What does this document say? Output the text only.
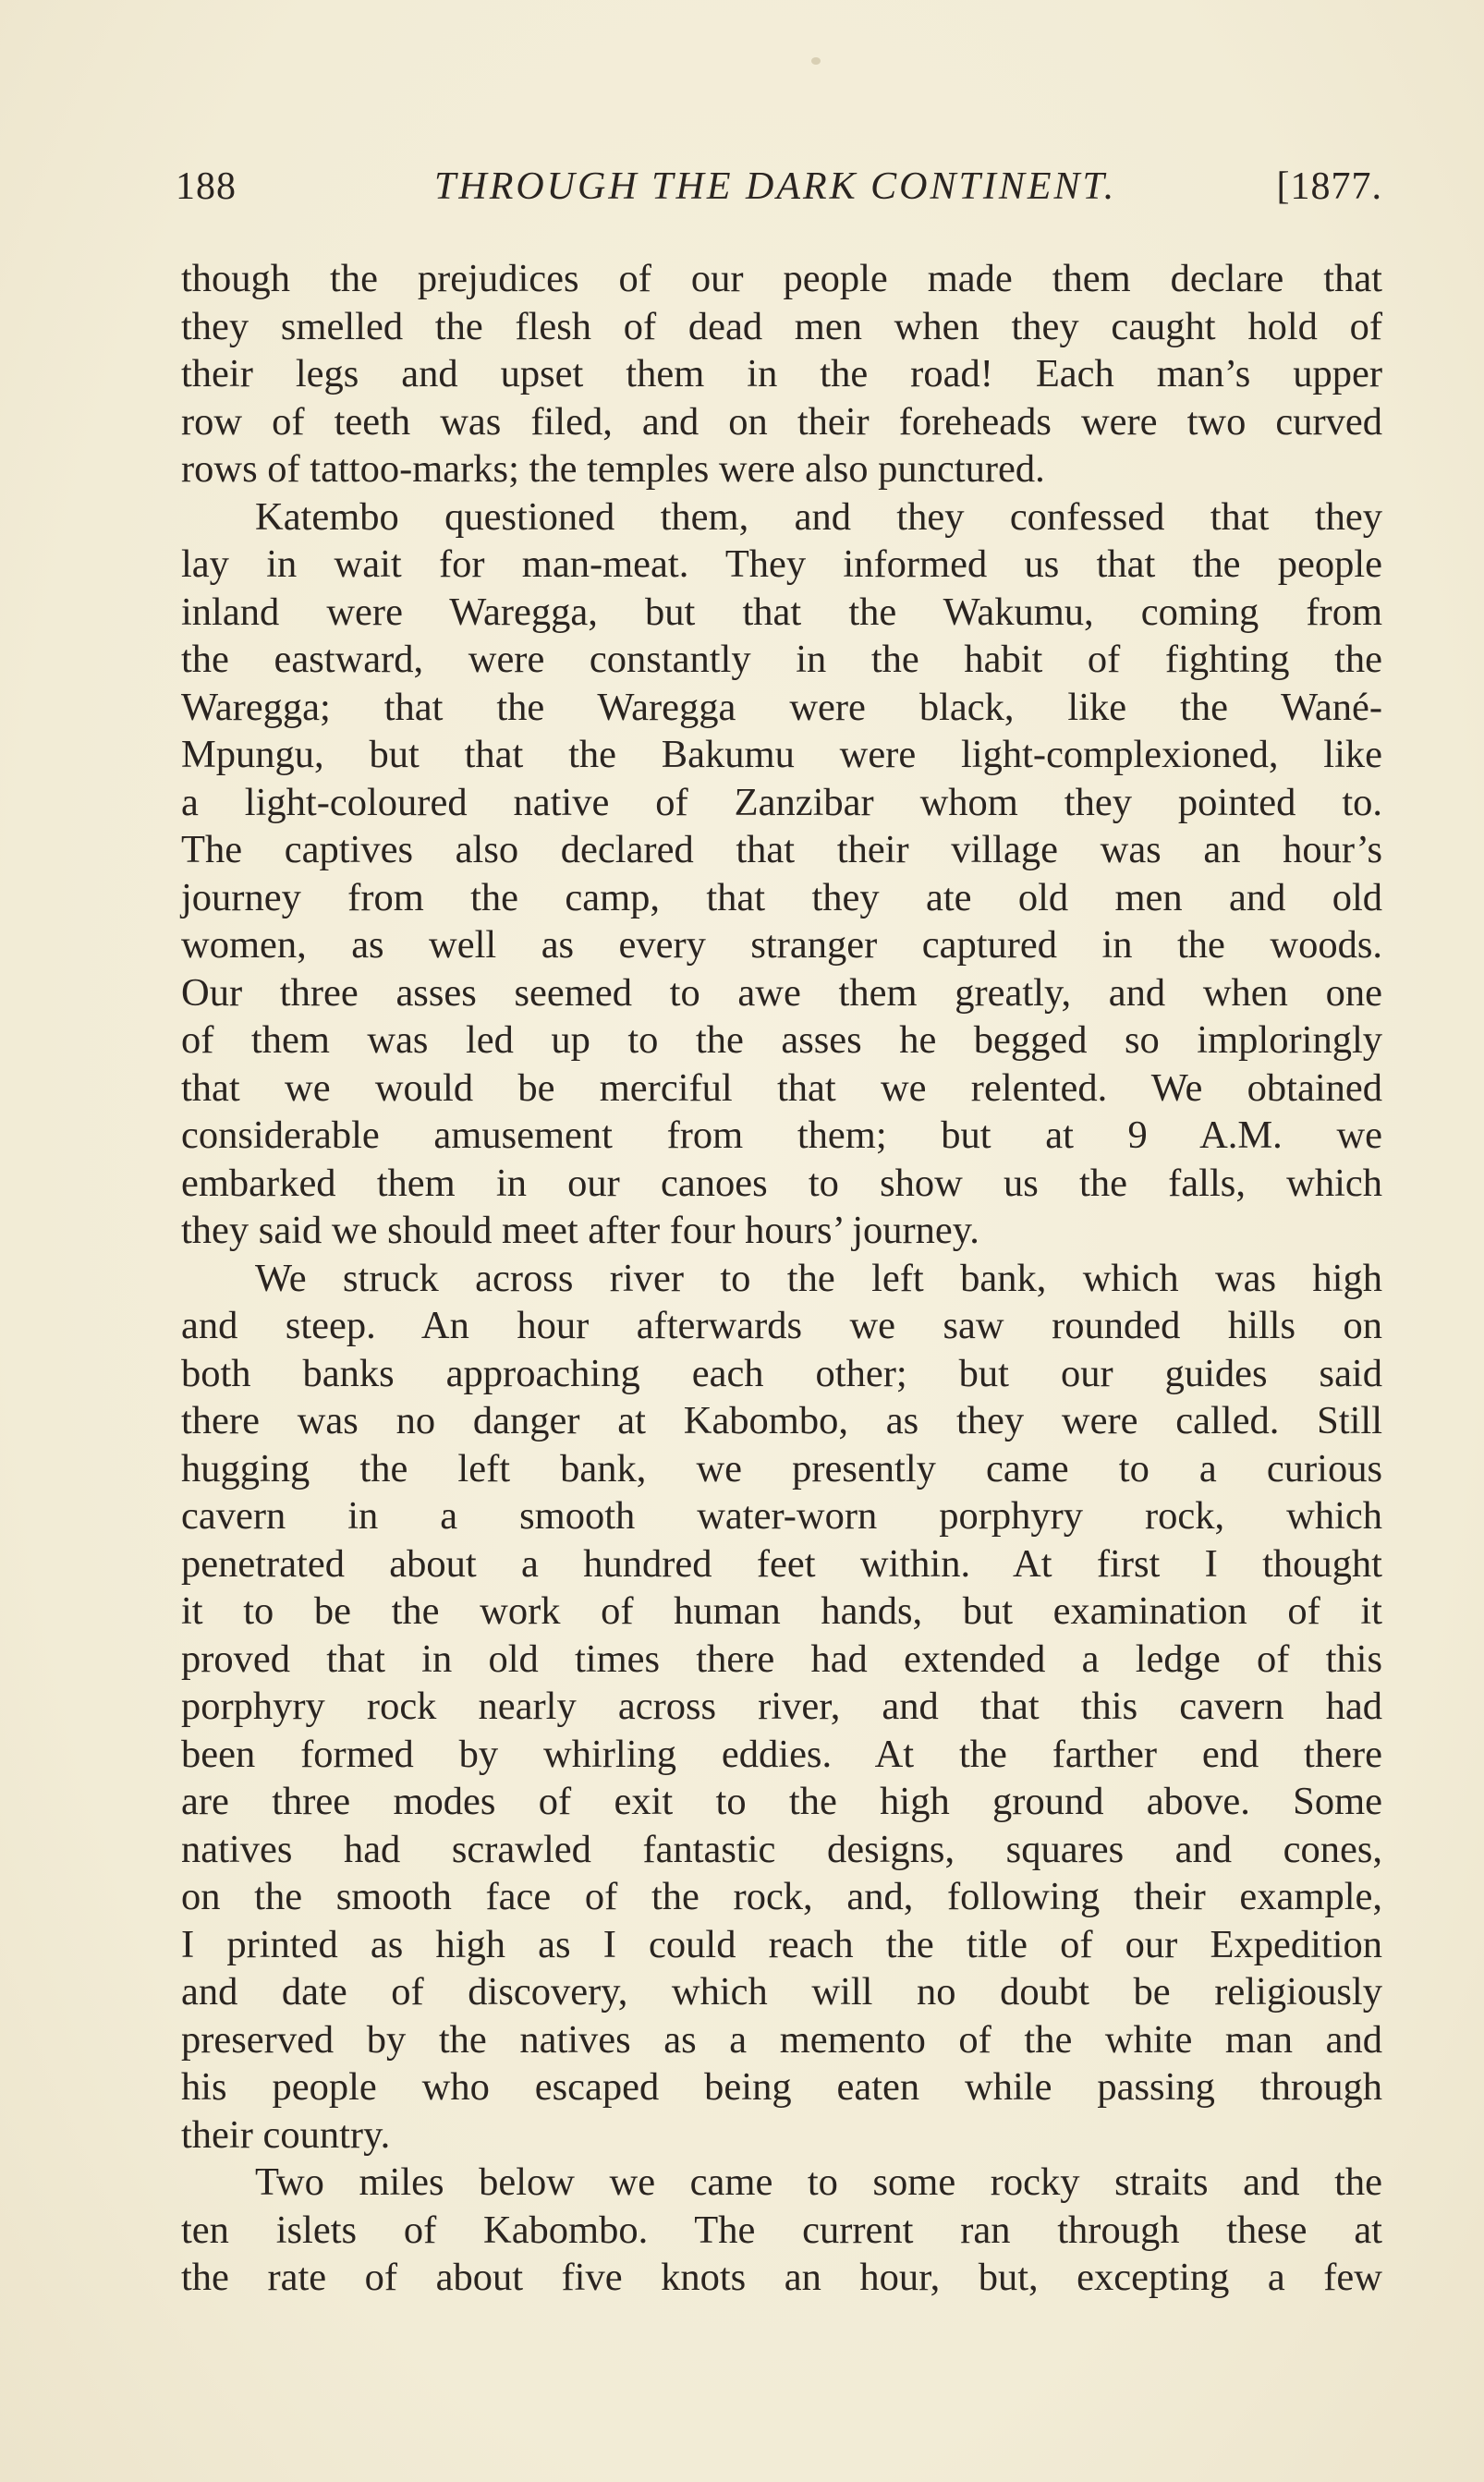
188	THROUGH THE DARK CONTINENT.	[1877.
though the prejudices of our people made them declare that
they smelled the flesh of dead men when they caught hold of
their legs and upset them in the road! Each man’s upper
row of teeth was filed, and on their foreheads were two curved
rows of tattoo-marks; the temples were also punctured.
Katembo questioned them, and they confessed that they
lay in wait for man-meat. They informed us that the people
inland were Waregga, but that the Wakumu, coming from
the eastward, were constantly in the habit of fighting the
Waregga; that the Waregga were black, like the Wané-
Mpungu, but that the Bakumu were light-complexioned, like
a light-coloured native of Zanzibar whom they pointed to.
The captives also declared that their village was an hour’s
journey from the camp, that they ate old men and old
women, as well as every stranger captured in the woods.
Our three asses seemed to awe them greatly, and when one
of them was led up to the asses he begged so imploringly
that we would be merciful that we relented. We obtained
considerable amusement from them; but at 9 A.M. we
embarked them in our canoes to show us the falls, which
they said we should meet after four hours’ journey.
We struck across river to the left bank, which was high
and steep. An hour afterwards we saw rounded hills on
both banks approaching each other; but our guides said
there was no danger at Kabombo, as they were called. Still
hugging the left bank, we presently came to a curious
cavern in a smooth water-worn porphyry rock, which
penetrated about a hundred feet within. At first I thought
it to be the work of human hands, but examination of it
proved that in old times there had extended a ledge of this
porphyry rock nearly across river, and that this cavern had
been formed by whirling eddies. At the farther end there
are three modes of exit to the high ground above. Some
natives had scrawled fantastic designs, squares and cones,
on the smooth face of the rock, and, following their example,
I printed as high as I could reach the title of our Expedition
and date of discovery, which will no doubt be religiously
preserved by the natives as a memento of the white man and
his people who escaped being eaten while passing through
their country.
Two miles below we came to some rocky straits and the
ten islets of Kabombo. The current ran through these at
the rate of about five knots an hour, but, excepting a few
